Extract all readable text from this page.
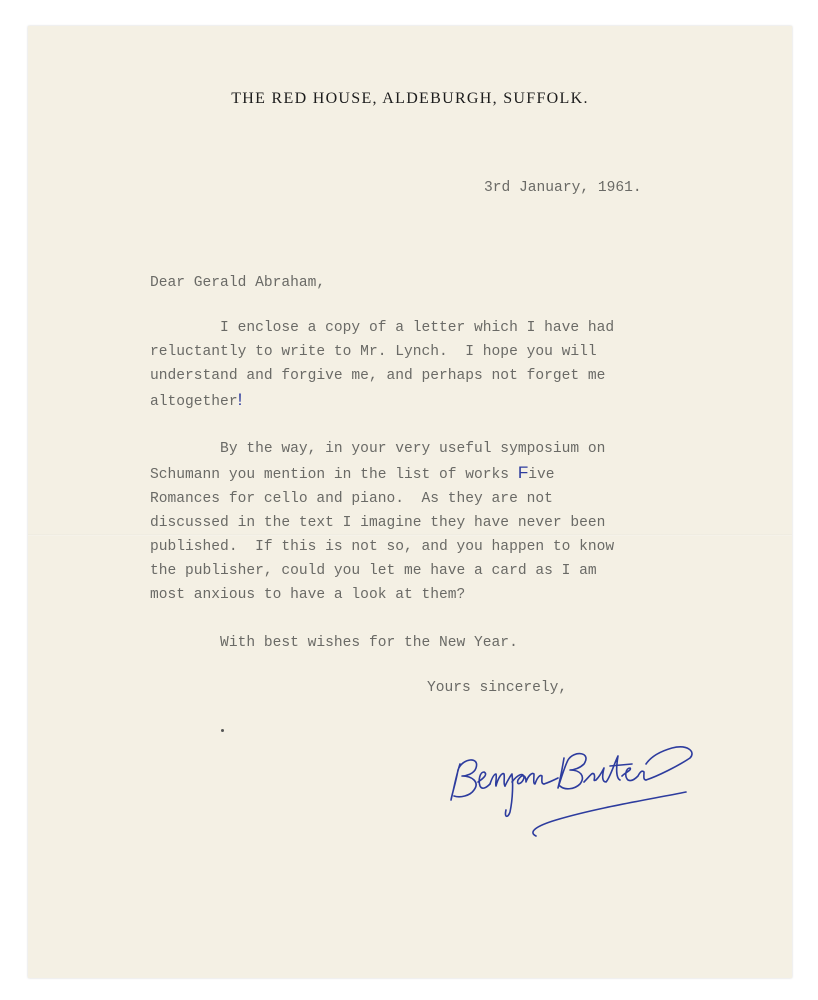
THE RED HOUSE, ALDEBURGH, SUFFOLK.
3rd January, 1961.
Dear Gerald Abraham,
I enclose a copy of a letter which I have had
reluctantly to write to Mr. Lynch.  I hope you will
understand and forgive me, and perhaps not forget me
altogether!
By the way, in your very useful symposium on
Schumann you mention in the list of works Five
Romances for cello and piano.  As they are not
discussed in the text I imagine they have never been
published.  If this is not so, and you happen to know
the publisher, could you let me have a card as I am
most anxious to have a look at them?
With best wishes for the New Year.
Yours sincerely,
